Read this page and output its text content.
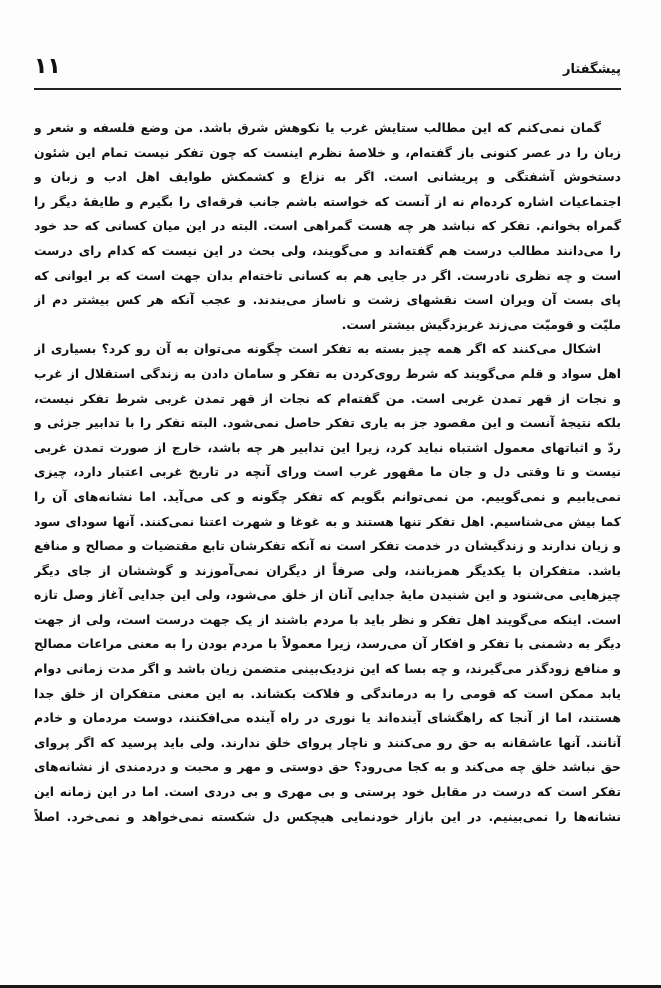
پیشگفتار
۱۱
گمان نمی‌کنم که این مطالب ستایش غرب یا نکوهش شرق باشد. من وضع فلسفه و شعر و
زبان را در عصر کنونی باز گفته‌ام، و خلاصهٔ نظرم اینست که چون تفکر نیست تمام این شئون
دستخوش آشفتگی و پریشانی است. اگر به نزاع و کشمکش طوایف اهل ادب و زبان و
اجتماعیات اشاره کرده‌ام نه از آنست که خواسته باشم جانب فرقه‌ای را بگیرم و طایفهٔ دیگر را
گمراه بخوانم. تفکر که نباشد هر چه هست گمراهی است. البته در این میان کسانی که حد خود
را می‌دانند مطالب درست هم گفته‌اند و می‌گویند، ولی بحث در این نیست که کدام رای درست
است و چه نظری نادرست. اگر در جایی هم به کسانی تاخته‌ام بدان جهت است که بر ایوانی که
پای بست آن ویران است نقشهای زشت و ناساز می‌بندند. و عجب آنکه هر کس بیشتر دم از
ملیّت و قومیّت می‌زند غربزدگیش بیشتر است.
اشکال می‌کنند که اگر همه چیز بسته به تفکر است چگونه می‌توان به آن رو کرد؟ بسیاری از
اهل سواد و قلم می‌گویند که شرط روی‌کردن به تفکر و سامان دادن به زندگی استقلال از غرب
و نجات از قهر تمدن غربی است. من گفته‌ام که نجات از قهر تمدن غربی شرط تفکر نیست،
بلکه نتیجهٔ آنست و این مقصود جز به یاری تفکر حاصل نمی‌شود. البته تفکر را با تدابیر جزئی و
ردّ و اثباتهای معمول اشتباه نباید کرد، زیرا این تدابیر هر چه باشد، خارج از صورت تمدن غربی
نیست و تا وقتی دل و جان ما مقهور غرب است ورای آنچه در تاریخ غربی اعتبار دارد، چیزی
نمی‌یابیم و نمی‌گوییم. من نمی‌توانم بگویم که تفکر چگونه و کی می‌آید. اما نشانه‌های آن را
کما بیش می‌شناسیم. اهل تفکر تنها هستند و به غوغا و شهرت اعتنا نمی‌کنند. آنها سودای سود
و زیان ندارند و زندگیشان در خدمت تفکر است نه آنکه تفکرشان تابع مقتضیات و مصالح و منافع
باشد. متفکران با یکدیگر همزبانند، ولی صرفاً از دیگران نمی‌آموزند و گوششان از جای دیگر
چیزهایی می‌شنود و این شنیدن مایهٔ جدایی آنان از خلق می‌شود، ولی این جدایی آغاز وصل تازه
است. اینکه می‌گویند اهل تفکر و نظر باید با مردم باشند از یک جهت درست است، ولی از جهت
دیگر به دشمنی با تفکر و افکار آن می‌رسد، زیرا معمولاً با مردم بودن را به معنی مراعات مصالح
و منافع زودگذر می‌گیرند، و چه بسا که این نزدیک‌بینی متضمن زیان باشد و اگر مدت زمانی دوام
یابد ممکن است که قومی را به درماندگی و فلاکت بکشاند. به این معنی متفکران از خلق جدا
هستند، اما از آنجا که راهگشای آینده‌اند یا نوری در راه آینده می‌افکنند، دوست مردمان و خادم
آنانند. آنها عاشقانه به حق رو می‌کنند و ناچار پروای خلق ندارند. ولی باید پرسید که اگر پروای
حق نباشد خلق چه می‌کند و به کجا می‌رود؟ حق دوستی و مهر و محبت و دردمندی از نشانه‌های
تفکر است که درست در مقابل خود پرستی و بی مهری و بی دردی است. اما در این زمانه این
نشانه‌ها را نمی‌بینیم. در این بازار خودنمایی هیچکس دل شکسته نمی‌خواهد و نمی‌خرد. اصلاً
